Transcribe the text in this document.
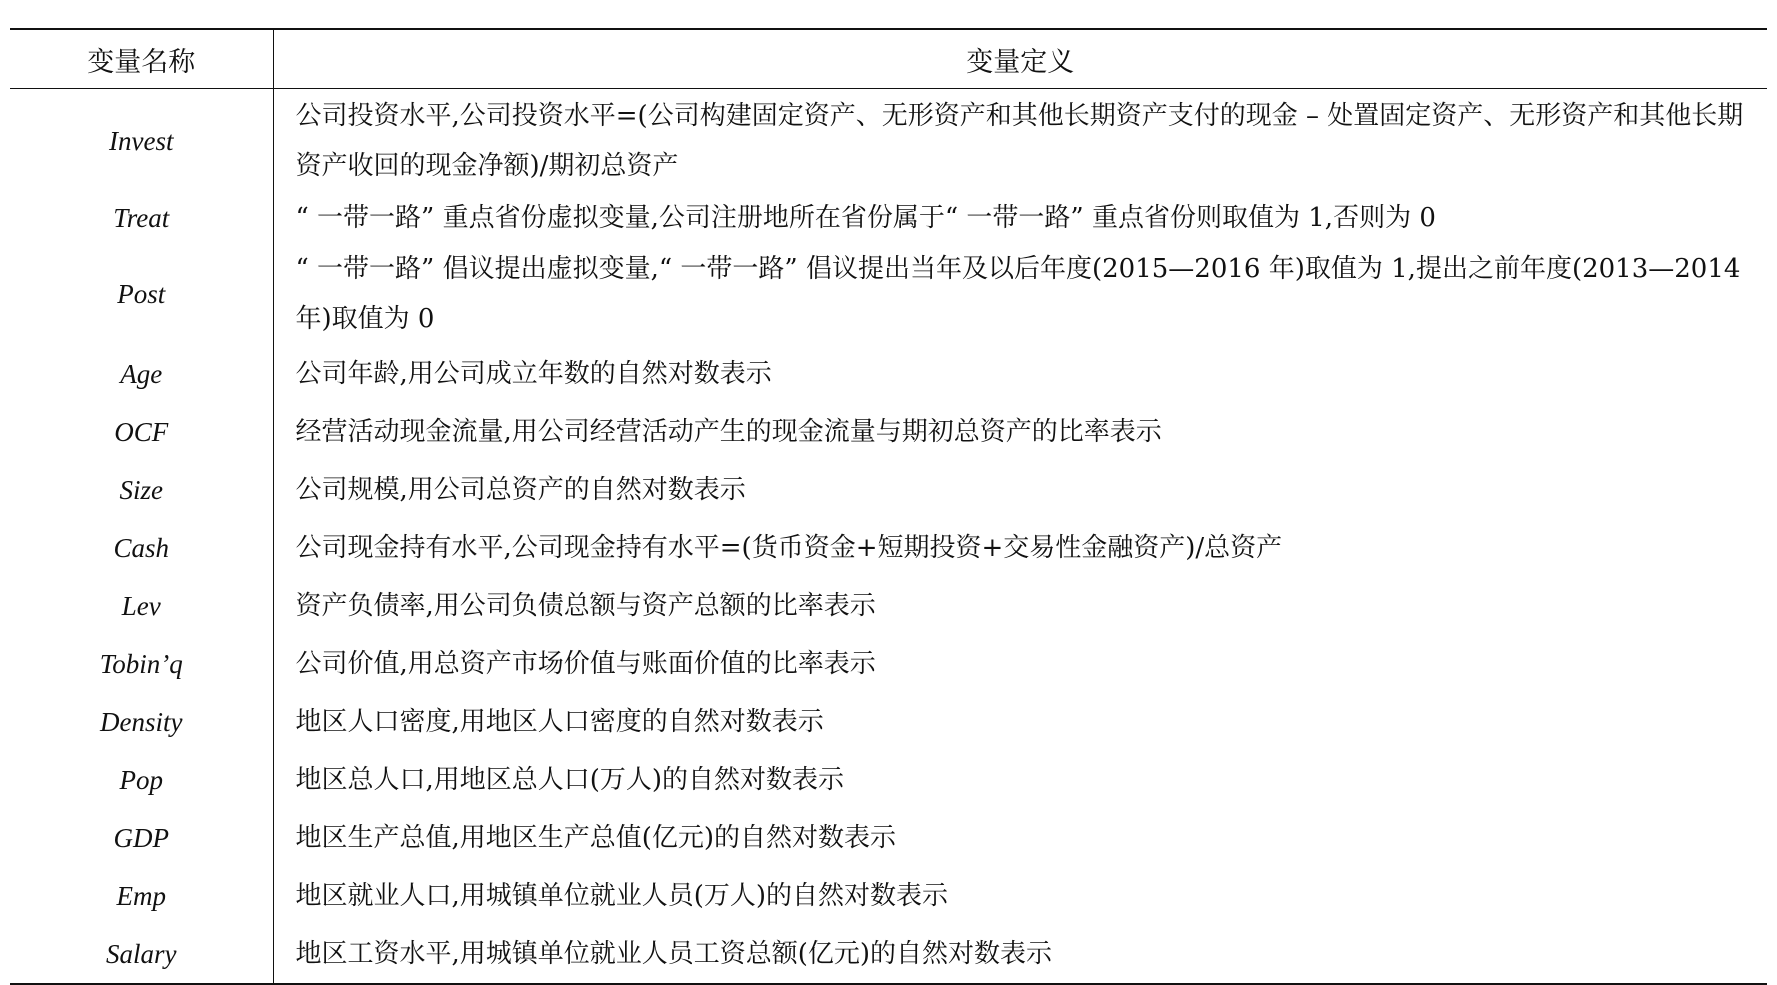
变量名称	变量定义
Invest	公司投资水平,公司投资水平=(公司构建固定资产、无形资产和其他长期资产支付的现金 – 处置固定资产、无形资产和其他长期资产收回的现金净额)/期初总资产
Treat	“ 一带一路” 重点省份虚拟变量,公司注册地所在省份属于“ 一带一路” 重点省份则取值为 1,否则为 0
Post	“ 一带一路” 倡议提出虚拟变量,“ 一带一路” 倡议提出当年及以后年度(2015—2016 年)取值为 1,提出之前年度(2013—2014 年)取值为 0
Age	公司年龄,用公司成立年数的自然对数表示
OCF	经营活动现金流量,用公司经营活动产生的现金流量与期初总资产的比率表示
Size	公司规模,用公司总资产的自然对数表示
Cash	公司现金持有水平,公司现金持有水平=(货币资金+短期投资+交易性金融资产)/总资产
Lev	资产负债率,用公司负债总额与资产总额的比率表示
Tobin’q	公司价值,用总资产市场价值与账面价值的比率表示
Density	地区人口密度,用地区人口密度的自然对数表示
Pop	地区总人口,用地区总人口(万人)的自然对数表示
GDP	地区生产总值,用地区生产总值(亿元)的自然对数表示
Emp	地区就业人口,用城镇单位就业人员(万人)的自然对数表示
Salary	地区工资水平,用城镇单位就业人员工资总额(亿元)的自然对数表示
